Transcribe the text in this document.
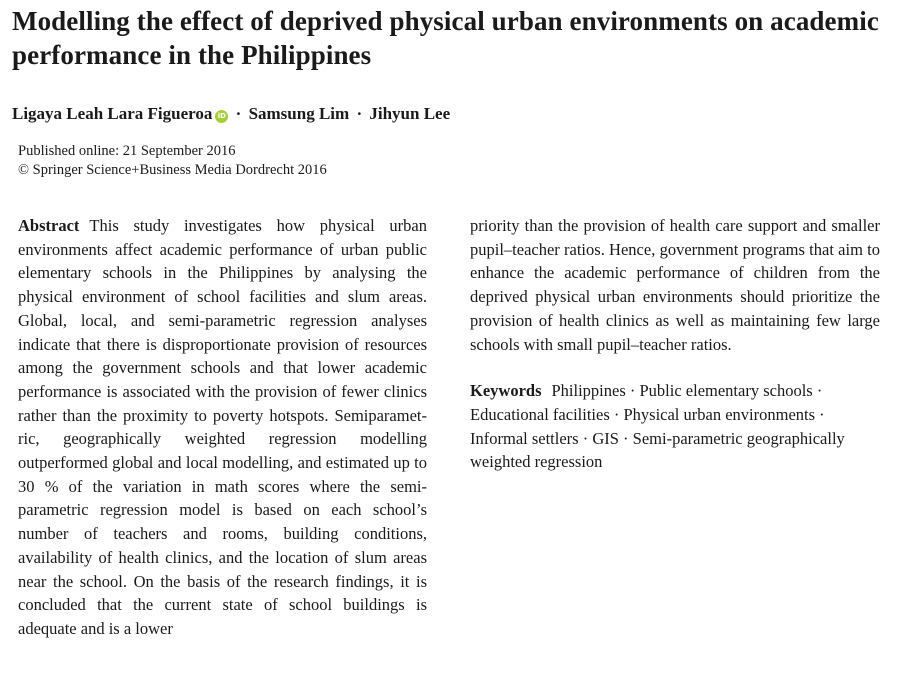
Modelling the effect of deprived physical urban environments on academic performance in the Philippines
Ligaya Leah Lara Figueroa iD · Samsung Lim · Jihyun Lee
Published online: 21 September 2016
© Springer Science+Business Media Dordrecht 2016
Abstract This study investigates how physical urban environments affect academic performance of urban public elementary schools in the Philippines by analysing the physical environment of school facilities and slum areas. Global, local, and semi-parametric regression analyses indicate that there is disproportionate provision of resources among the government schools and that lower academic performance is associated with the provision of fewer clinics rather than the proximity to poverty hotspots. Semiparametric, geographically weighted regression modelling outperformed global and local modelling, and estimated up to 30 % of the variation in math scores where the semi-parametric regression model is based on each school’s number of teachers and rooms, building conditions, availability of health clinics, and the location of slum areas near the school. On the basis of the research findings, it is concluded that the current state of school buildings is adequate and is a lower
priority than the provision of health care support and smaller pupil–teacher ratios. Hence, government programs that aim to enhance the academic performance of children from the deprived physical urban environments should prioritize the provision of health clinics as well as maintaining few large schools with small pupil–teacher ratios.
Keywords Philippines · Public elementary schools · Educational facilities · Physical urban environments · Informal settlers · GIS · Semi-parametric geographically weighted regression
